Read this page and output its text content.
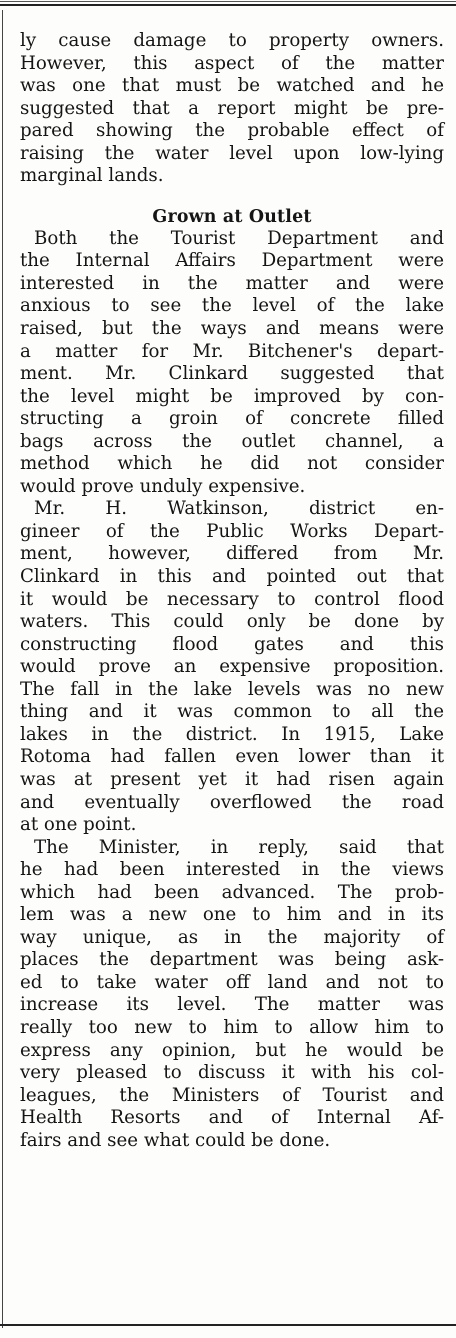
ly cause damage to property owners.
However, this aspect of the matter
was one that must be watched and he
suggested that a report might be pre-
pared showing the probable effect of
raising the water level upon low-lying
marginal lands.

Grown at Outlet

Both the Tourist Department and
the Internal Affairs Department were
interested in the matter and were
anxious to see the level of the lake
raised, but the ways and means were
a matter for Mr. Bitchener's depart-
ment. Mr. Clinkard suggested that
the level might be improved by con-
structing a groin of concrete filled
bags across the outlet channel, a
method which he did not consider
would prove unduly expensive.

Mr. H. Watkinson, district en-
gineer of the Public Works Depart-
ment, however, differed from Mr.
Clinkard in this and pointed out that
it would be necessary to control flood
waters. This could only be done by
constructing flood gates and this
would prove an expensive proposition.
The fall in the lake levels was no new
thing and it was common to all the
lakes in the district. In 1915, Lake
Rotoma had fallen even lower than it
was at present yet it had risen again
and eventually overflowed the road
at one point.

The Minister, in reply, said that
he had been interested in the views
which had been advanced. The prob-
lem was a new one to him and in its
way unique, as in the majority of
places the department was being ask-
ed to take water off land and not to
increase its level. The matter was
really too new to him to allow him to
express any opinion, but he would be
very pleased to discuss it with his col-
leagues, the Ministers of Tourist and
Health Resorts and of Internal Af-
fairs and see what could be done.
